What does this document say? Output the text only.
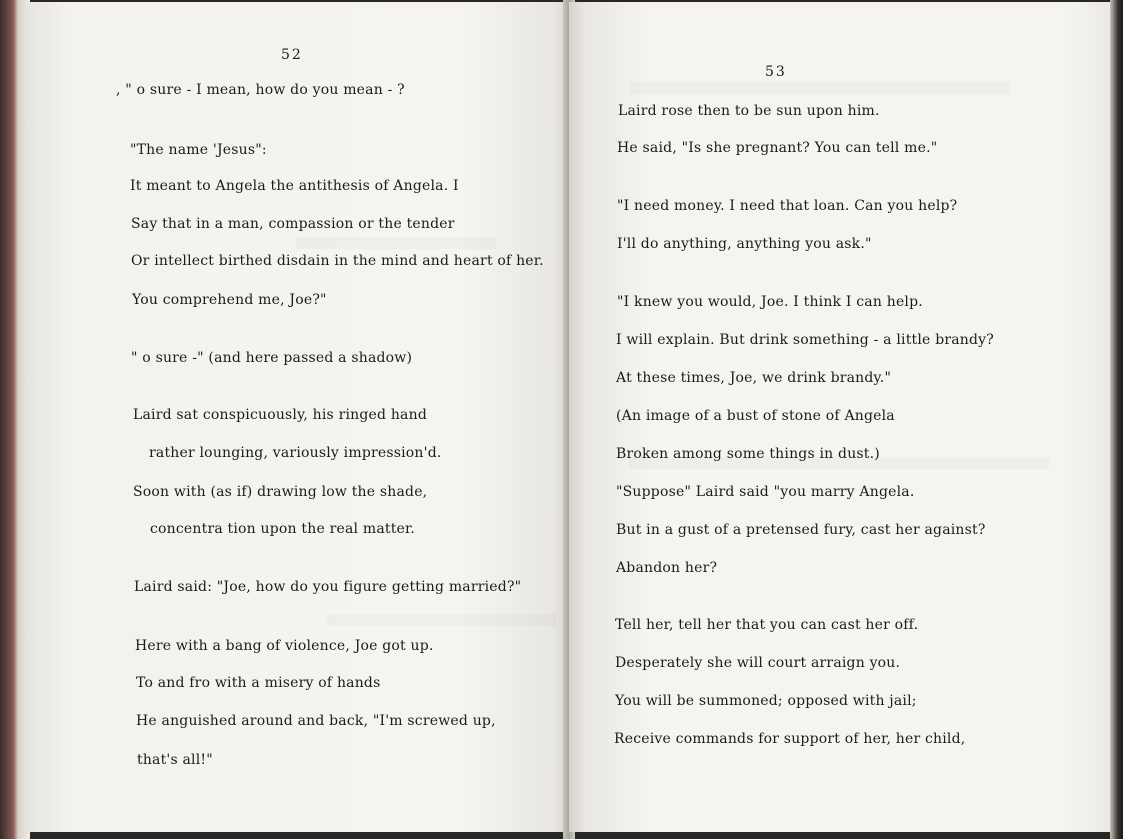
52
, " o sure - I mean, how do you mean - ?
"The name 'Jesus":
It meant to Angela the antithesis of Angela. I
Say that in a man, compassion or the tender
Or intellect birthed disdain in the mind and heart of her.
You comprehend me, Joe?"
" o sure -" (and here passed a shadow)
Laird sat conspicuously, his ringed hand
rather lounging, variously impression'd.
Soon with (as if) drawing low the shade,
concentra tion upon the real matter.
Laird said: "Joe, how do you figure getting married?"
Here with a bang of violence, Joe got up.
To and fro with a misery of hands
He anguished around and back, "I'm screwed up,
that's all!"
53
Laird rose then to be sun upon him.
He said, "Is she pregnant? You can tell me."
"I need money. I need that loan. Can you help?
I'll do anything, anything you ask."
"I knew you would, Joe. I think I can help.
I will explain. But drink something - a little brandy?
At these times, Joe, we drink brandy."
(An image of a bust of stone of Angela
Broken among some things in dust.)
"Suppose" Laird said "you marry Angela.
But in a gust of a pretensed fury, cast her against?
Abandon her?
Tell her, tell her that you can cast her off.
Desperately she will court arraign you.
You will be summoned; opposed with jail;
Receive commands for support of her, her child,
